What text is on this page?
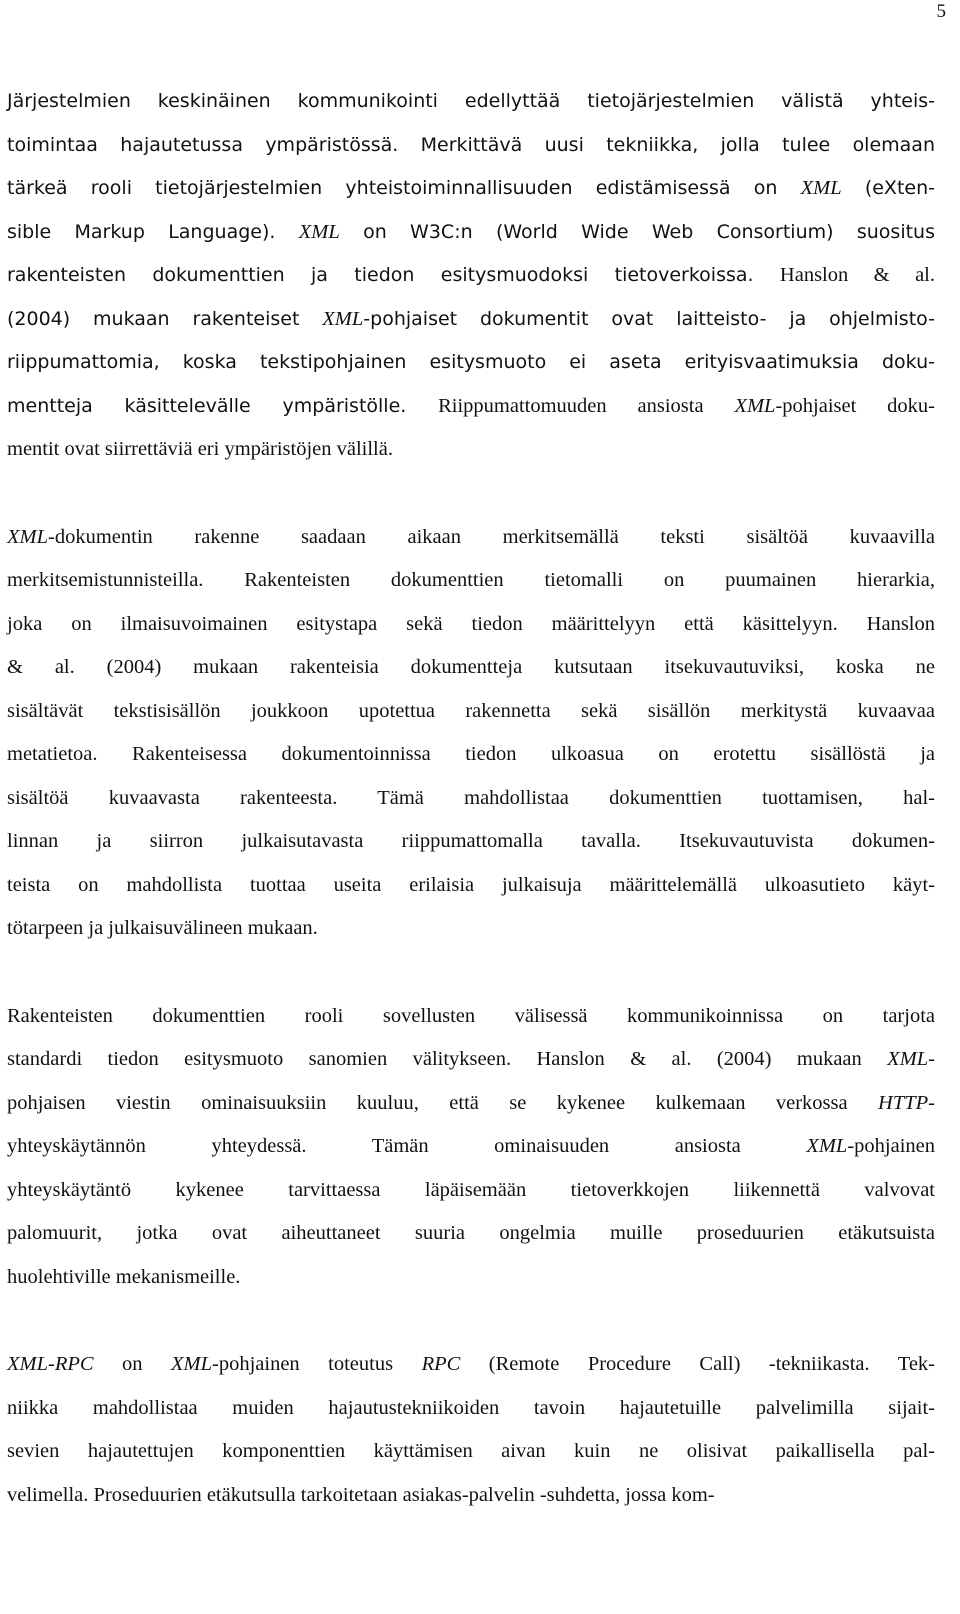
5
Järjestelmien keskinäinen kommunikointi edellyttää tietojärjestelmien välistä yhteis-
toimintaa hajautetussa ympäristössä. Merkittävä uusi tekniikka, jolla tulee olemaan
tärkeä rooli tietojärjestelmien yhteistoiminnallisuuden edistämisessä on XML (eXten-
sible Markup Language). XML on W3C:n (World Wide Web Consortium) suositus
rakenteisten dokumenttien ja tiedon esitysmuodoksi tietoverkoissa. Hanslon & al.
(2004) mukaan rakenteiset XML-pohjaiset dokumentit ovat laitteisto- ja ohjelmisto-
riippumattomia, koska tekstipohjainen esitysmuoto ei aseta erityisvaatimuksia doku-
mentteja käsittelevälle ympäristölle. Riippumattomuuden ansiosta XML-pohjaiset doku-
mentit ovat siirrettäviä eri ympäristöjen välillä.
XML-dokumentin rakenne saadaan aikaan merkitsemällä teksti sisältöä kuvaavilla
merkitsemistunnisteilla. Rakenteisten dokumenttien tietomalli on puumainen hierarkia,
joka on ilmaisuvoimainen esitystapa sekä tiedon määrittelyyn että käsittelyyn. Hanslon
& al. (2004) mukaan rakenteisia dokumentteja kutsutaan itsekuvautuviksi, koska ne
sisältävät tekstisisällön joukkoon upotettua rakennetta sekä sisällön merkitystä kuvaavaa
metatietoa. Rakenteisessa dokumentoinnissa tiedon ulkoasua on erotettu sisällöstä ja
sisältöä kuvaavasta rakenteesta. Tämä mahdollistaa dokumenttien tuottamisen, hal-
linnan ja siirron julkaisutavasta riippumattomalla tavalla. Itsekuvautuvista dokumen-
teista on mahdollista tuottaa useita erilaisia julkaisuja määrittelemällä ulkoasutieto käyt-
tötarpeen ja julkaisuvälineen mukaan.
Rakenteisten dokumenttien rooli sovellusten välisessä kommunikoinnissa on tarjota
standardi tiedon esitysmuoto sanomien välitykseen. Hanslon & al. (2004) mukaan XML-
pohjaisen viestin ominaisuuksiin kuuluu, että se kykenee kulkemaan verkossa HTTP-
yhteyskäytännön yhteydessä. Tämän ominaisuuden ansiosta XML-pohjainen
yhteyskäytäntö kykenee tarvittaessa läpäisemään tietoverkkojen liikennettä valvovat
palomuurit, jotka ovat aiheuttaneet suuria ongelmia muille proseduurien etäkutsuista
huolehtiville mekanismeille.
XML-RPC on XML-pohjainen toteutus RPC (Remote Procedure Call) -tekniikasta. Tek-
niikka mahdollistaa muiden hajautustekniikoiden tavoin hajautetuille palvelimilla sijait-
sevien hajautettujen komponenttien käyttämisen aivan kuin ne olisivat paikallisella pal-
velimella. Proseduurien etäkutsulla tarkoitetaan asiakas-palvelin -suhdetta, jossa kom-
